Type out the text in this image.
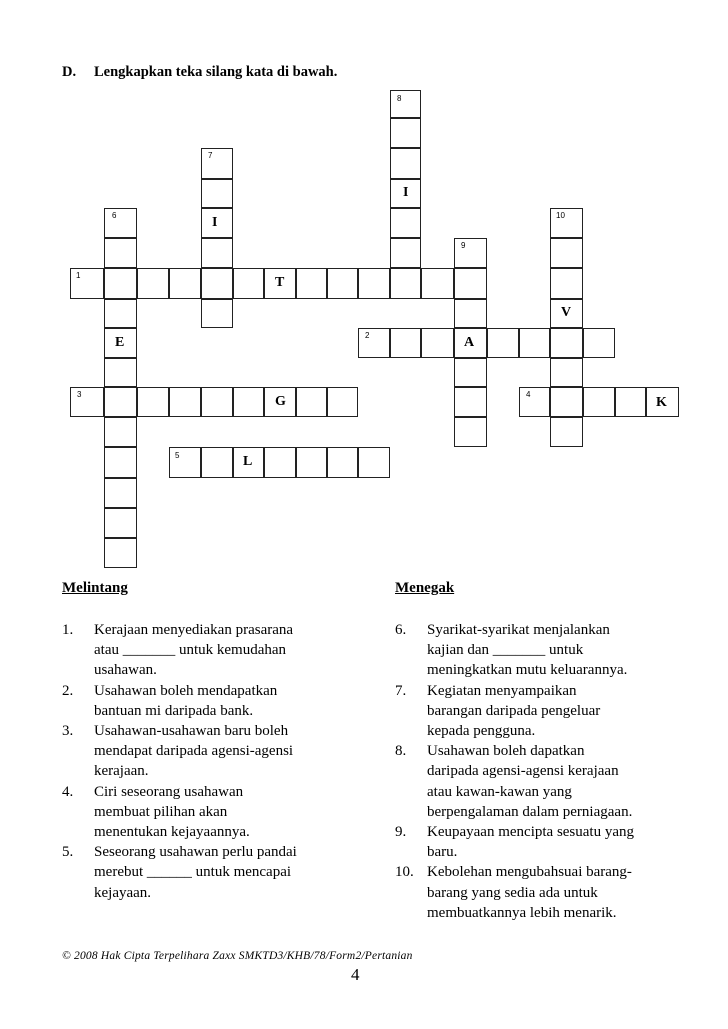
D. Lengkapkan teka silang kata di bawah.
1
2
3	4
5
6
7
8
9
10
I
I
T
V
E	A
G	K
L
Melintang
1. Kerajaan menyediakan prasarana
atau _______ untuk kemudahan
usahawan.
2. Usahawan boleh mendapatkan
bantuan mi daripada bank.
3. Usahawan-usahawan baru boleh
mendapat daripada agensi-agensi
kerajaan.
4. Ciri seseorang usahawan
membuat pilihan akan
menentukan kejayaannya.
5. Seseorang usahawan perlu pandai
merebut ______ untuk mencapai
kejayaan.
Menegak
6. Syarikat-syarikat menjalankan
kajian dan _______ untuk
meningkatkan mutu keluarannya.
7. Kegiatan menyampaikan
barangan daripada pengeluar
kepada pengguna.
8. Usahawan boleh dapatkan
daripada agensi-agensi kerajaan
atau kawan-kawan yang
berpengalaman dalam perniagaan.
9. Keupayaan mencipta sesuatu yang
baru.
10. Kebolehan mengubahsuai barang-
barang yang sedia ada untuk
membuatkannya lebih menarik.
© 2008 Hak Cipta Terpelihara Zaxx SMKTD3/KHB/78/Form2/Pertanian
4
